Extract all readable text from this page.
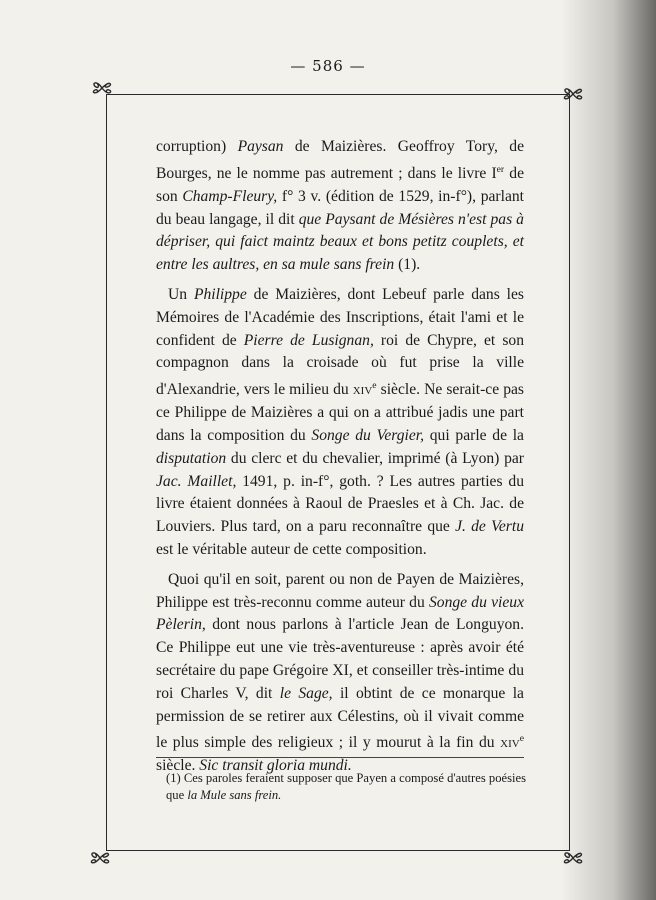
— 586 —

corruption) Paysan de Maizières. Geoffroy Tory, de Bourges, ne le nomme pas autrement ; dans le livre Ier de son Champ-Fleury, f° 3 v. (édition de 1529, in-f°), parlant du beau langage, il dit que Paysant de Mésières n'est pas à dépriser, qui faict maintz beaux et bons petitz couplets, et entre les aultres, en sa mule sans frein (1).

Un Philippe de Maizières, dont Lebeuf parle dans les Mémoires de l'Académie des Inscriptions, était l'ami et le confident de Pierre de Lusignan, roi de Chypre, et son compagnon dans la croisade où fut prise la ville d'Alexandrie, vers le milieu du xiv$^e$ siècle. Ne serait-ce pas ce Philippe de Maizières a qui on a attribué jadis une part dans la composition du Songe du Vergier, qui parle de la disputation du clerc et du chevalier, imprimé (à Lyon) par Jac. Maillet, 1491, p. in-f°, goth. ? Les autres parties du livre étaient données à Raoul de Praesles et à Ch. Jac. de Louviers. Plus tard, on a paru reconnaître que J. de Vertu est le véritable auteur de cette composition.

Quoi qu'il en soit, parent ou non de Payen de Maizières, Philippe est très-reconnu comme auteur du Songe du vieux Pèlerin, dont nous parlons à l'article Jean de Longuyon. Ce Philippe eut une vie très-aventureuse : après avoir été secrétaire du pape Grégoire XI, et conseiller très-intime du roi Charles V, dit le Sage, il obtint de ce monarque la permission de se retirer aux Célestins, où il vivait comme le plus simple des religieux ; il y mourut à la fin du xiv$^e$ siècle. Sic transit gloria mundi.

(1) Ces paroles feraient supposer que Payen a composé d'autres poésies que la Mule sans frein.
